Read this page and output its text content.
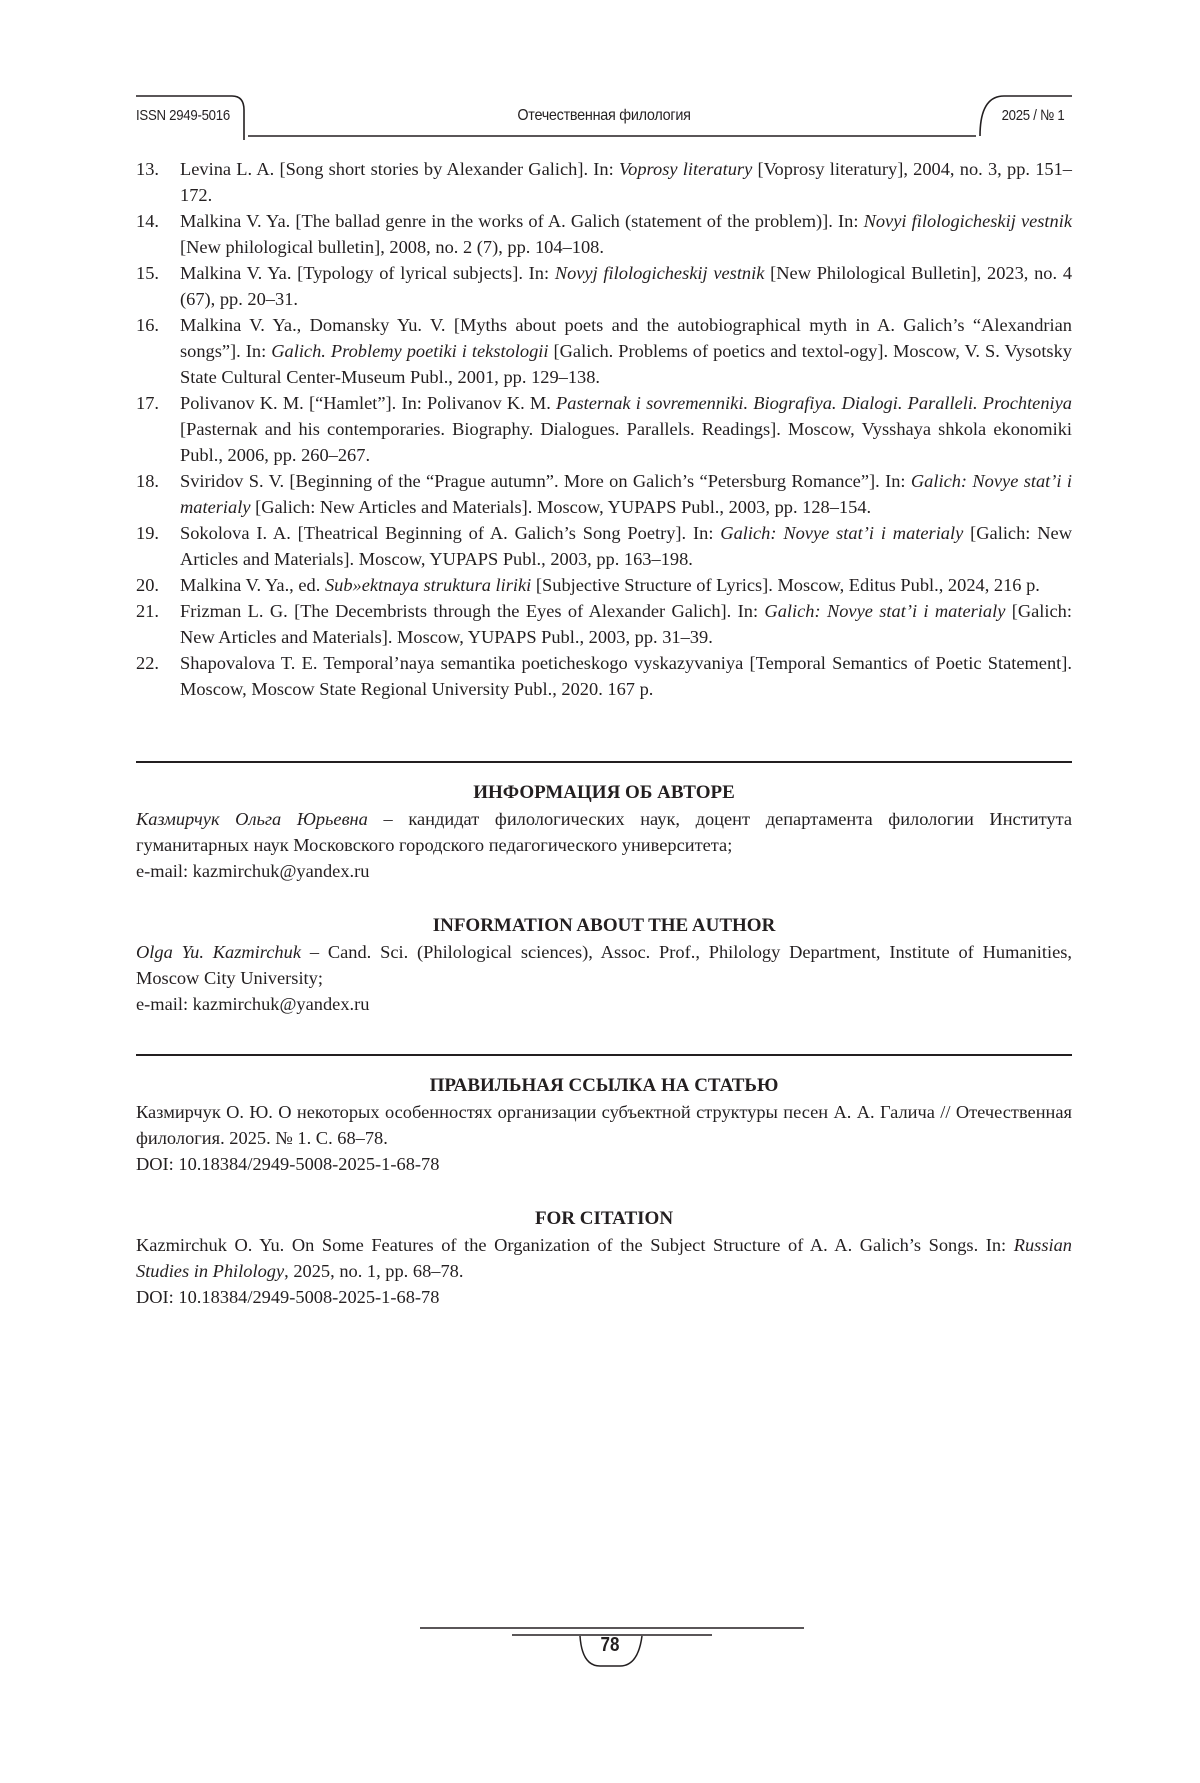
ISSN 2949-5016	Отечественная филология	2025 / № 1
13. Levina L. A. [Song short stories by Alexander Galich]. In: Voprosy literatury [Voprosy literatury], 2004, no. 3, pp. 151–172.
14. Malkina V. Ya. [The ballad genre in the works of A. Galich (statement of the problem)]. In: Novyi filologicheskij vestnik [New philological bulletin], 2008, no. 2 (7), pp. 104–108.
15. Malkina V. Ya. [Typology of lyrical subjects]. In: Novyj filologicheskij vestnik [New Philological Bulletin], 2023, no. 4 (67), pp. 20–31.
16. Malkina V. Ya., Domansky Yu. V. [Myths about poets and the autobiographical myth in A. Galich’s “Alexandrian songs”]. In: Galich. Problemy poetiki i tekstologii [Galich. Problems of poetics and textol-ogy]. Moscow, V. S. Vysotsky State Cultural Center-Museum Publ., 2001, pp. 129–138.
17. Polivanov K. M. [“Hamlet”]. In: Polivanov K. M. Pasternak i sovremenniki. Biografiya. Dialogi. Paralleli. Prochteniya [Pasternak and his contemporaries. Biography. Dialogues. Parallels. Readings]. Moscow, Vysshaya shkola ekonomiki Publ., 2006, pp. 260–267.
18. Sviridov S. V. [Beginning of the “Prague autumn”. More on Galich’s “Petersburg Romance”]. In: Galich: Novye stat’i i materialy [Galich: New Articles and Materials]. Moscow, YUPAPS Publ., 2003, pp. 128–154.
19. Sokolova I. A. [Theatrical Beginning of A. Galich’s Song Poetry]. In: Galich: Novye stat’i i materialy [Galich: New Articles and Materials]. Moscow, YUPAPS Publ., 2003, pp. 163–198.
20. Malkina V. Ya., ed. Sub»ektnaya struktura liriki [Subjective Structure of Lyrics]. Moscow, Editus Publ., 2024, 216 p.
21. Frizman L. G. [The Decembrists through the Eyes of Alexander Galich]. In: Galich: Novye stat’i i materialy [Galich: New Articles and Materials]. Moscow, YUPAPS Publ., 2003, pp. 31–39.
22. Shapovalova T. E. Temporal’naya semantika poeticheskogo vyskazyvaniya [Temporal Semantics of Poetic Statement]. Moscow, Moscow State Regional University Publ., 2020. 167 p.
ИНФОРМАЦИЯ ОБ АВТОРЕ
Казмирчук Ольга Юрьевна – кандидат филологических наук, доцент департамента филологии Института гуманитарных наук Московского городского педагогического университета;
e-mail: kazmirchuk@yandex.ru
INFORMATION ABOUT THE AUTHOR
Olga Yu. Kazmirchuk – Cand. Sci. (Philological sciences), Assoc. Prof., Philology Department, Institute of Humanities, Moscow City University;
e-mail: kazmirchuk@yandex.ru
ПРАВИЛЬНАЯ ССЫЛКА НА СТАТЬЮ
Казмирчук О. Ю. О некоторых особенностях организации субъектной структуры песен А. А. Галича // Отечественная филология. 2025. № 1. С. 68–78.
DOI: 10.18384/2949-5008-2025-1-68-78
FOR CITATION
Kazmirchuk O. Yu. On Some Features of the Organization of the Subject Structure of A. A. Galich’s Songs. In: Russian Studies in Philology, 2025, no. 1, pp. 68–78.
DOI: 10.18384/2949-5008-2025-1-68-78
78
